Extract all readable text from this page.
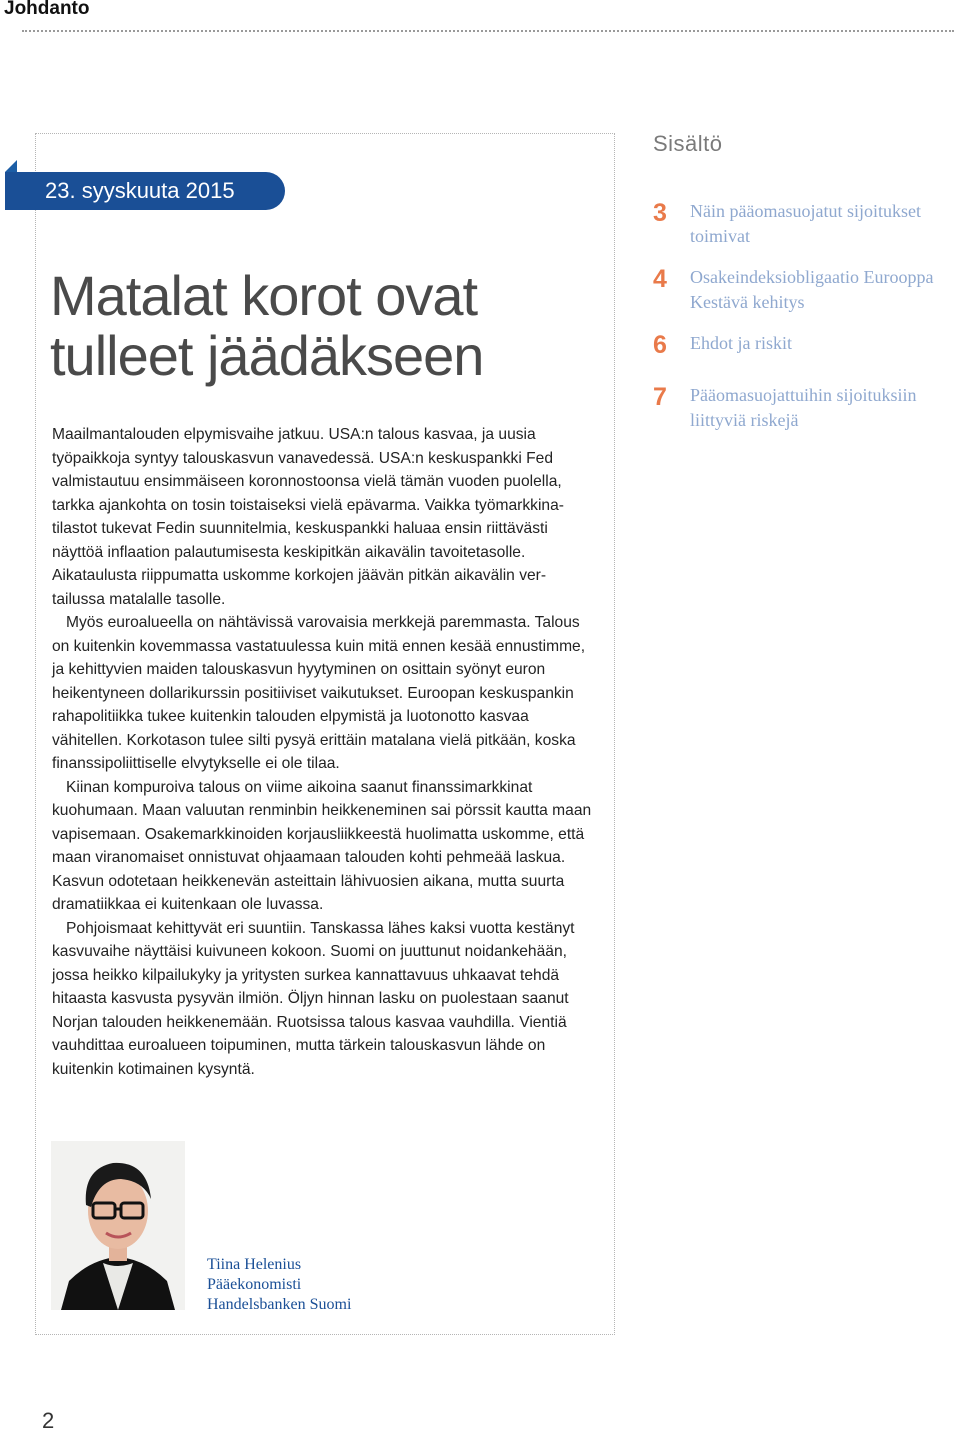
Johdanto
23. syyskuuta 2015
Matalat korot ovat
tulleet jäädäkseen

Maailmantalouden elpymisvaihe jatkuu. USA:n talous kasvaa, ja uusia työpaikkoja syntyy talouskasvun vanavedessä. USA:n keskuspankki Fed valmistautuu ensimmäiseen koronnostoonsa vielä tämän vuoden puolella, tarkka ajankohta on tosin toistaiseksi vielä epävarma. Vaikka työmarkkinatilastot tukevat Fedin suunnitelmia, keskuspankki haluaa ensin riittävästi näyttöä inflaation palautumisesta keskipitkän aikavälin tavoitetasolle. Aikataulusta riippumatta uskomme korkojen jäävän pitkän aikavälin vertailussa matalalle tasolle.

Myös euroalueella on nähtävissä varovaisia merkkejä paremmasta. Talous on kuitenkin kovemmassa vastatuulessa kuin mitä ennen kesää ennustimme, ja kehittyvien maiden talouskasvun hyytyminen on osittain syönyt euron heikentyneen dollarikurssin positiiviset vaikutukset. Euroopan keskuspankin rahapolitiikka tukee kuitenkin talouden elpymistä ja luotonotto kasvaa vähitellen. Korkotason tulee silti pysyä erittäin matalana vielä pitkään, koska finanssipoliittiselle elvytykselle ei ole tilaa.

Kiinan kompuroiva talous on viime aikoina saanut finanssimarkkinat kuohumaan. Maan valuutan renminbin heikkeneminen sai pörssit kautta maan vapisemaan. Osakemarkkinoiden korjausliikkeestä huolimatta uskomme, että maan viranomaiset onnistuvat ohjaamaan talouden kohti pehmeää laskua. Kasvun odotetaan heikkenevän asteittain lähivuosien aikana, mutta suurta dramatiikkaa ei kuitenkaan ole luvassa.

Pohjoismaat kehittyvät eri suuntiin. Tanskassa lähes kaksi vuotta kestänyt kasvuvaihe näyttäisi kuivuneen kokoon. Suomi on juuttunut noidankehään, jossa heikko kilpailukyky ja yritysten surkea kannattavuus uhkaavat tehdä hitaasta kasvusta pysyvän ilmiön. Öljyn hinnan lasku on puolestaan saanut Norjan talouden heikkenemään. Ruotsissa talous kasvaa vauhdilla. Vientiä vauhdittaa euroalueen toipuminen, mutta tärkein talouskasvun lähde on kuitenkin kotimainen kysyntä.

Tiina Helenius
Pääekonomisti
Handelsbanken Suomi
Sisältö
3	Näin pääomasuojatut sijoitukset toimivat
4	Osakeindeksiobligaatio Eurooppa Kestävä kehitys
6	Ehdot ja riskit
7	Pääomasuojattuihin sijoituksiin liittyviä riskejä
2
